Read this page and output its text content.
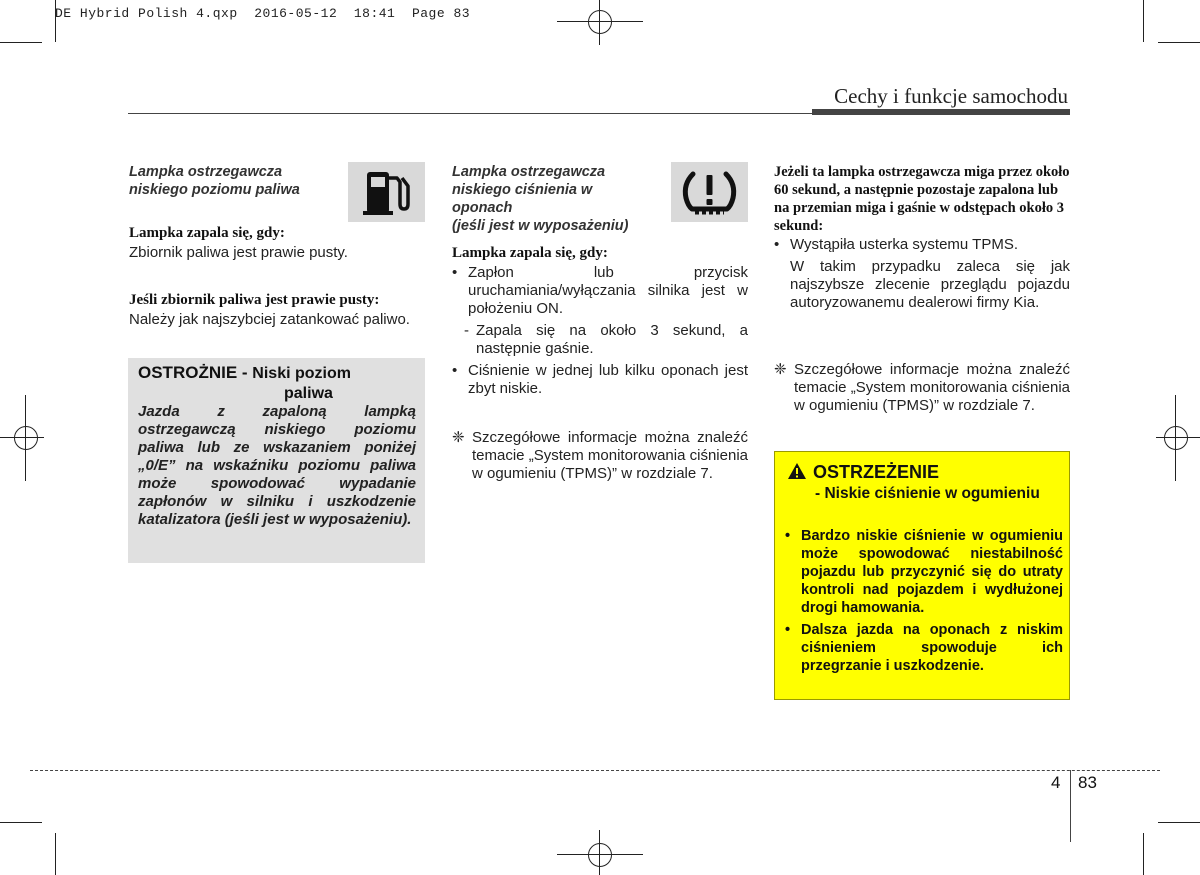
DE Hybrid Polish 4.qxp  2016-05-12  18:41  Page 83
Cechy i funkcje samochodu
Lampka ostrzegawcza
niskiego poziomu paliwa
Lampka zapala się, gdy:
Zbiornik paliwa jest prawie pusty.
Jeśli zbiornik paliwa jest prawie pusty:
Należy jak najszybciej zatankować paliwo.
OSTROŻNIE - Niski poziom
paliwa
Jazda z zapaloną lampką ostrzegawczą niskiego poziomu paliwa lub ze wskazaniem poniżej „0/E” na wskaźniku poziomu paliwa może spowodować wypadanie zapłonów w silniku i uszkodzenie katalizatora (jeśli jest w wyposażeniu).
Lampka ostrzegawcza
niskiego ciśnienia w
oponach
(jeśli jest w wyposażeniu)
Lampka zapala się, gdy:
• Zapłon lub przycisk uruchamiania/wyłączania silnika jest w położeniu ON.
- Zapala się na około 3 sekund, a następnie gaśnie.
• Ciśnienie w jednej lub kilku oponach jest zbyt niskie.
❈ Szczegółowe informacje można znaleźć temacie „System monitorowania ciśnienia w ogumieniu (TPMS)” w rozdziale 7.
Jeżeli ta lampka ostrzegawcza miga przez około 60 sekund, a następnie pozostaje zapalona lub na przemian miga i gaśnie w odstępach około 3 sekund:
• Wystąpiła usterka systemu TPMS.
W takim przypadku zaleca się jak najszybsze zlecenie przeglądu pojazdu autoryzowanemu dealerowi firmy Kia.
❈ Szczegółowe informacje można znaleźć temacie „System monitorowania ciśnienia w ogumieniu (TPMS)” w rozdziale 7.
OSTRZEŻENIE
- Niskie ciśnienie w ogumieniu
• Bardzo niskie ciśnienie w ogumieniu może spowodować niestabilność pojazdu lub przyczynić się do utraty kontroli nad pojazdem i wydłużonej drogi hamowania.
• Dalsza jazda na oponach z niskim ciśnieniem spowoduje ich przegrzanie i uszkodzenie.
4 83
